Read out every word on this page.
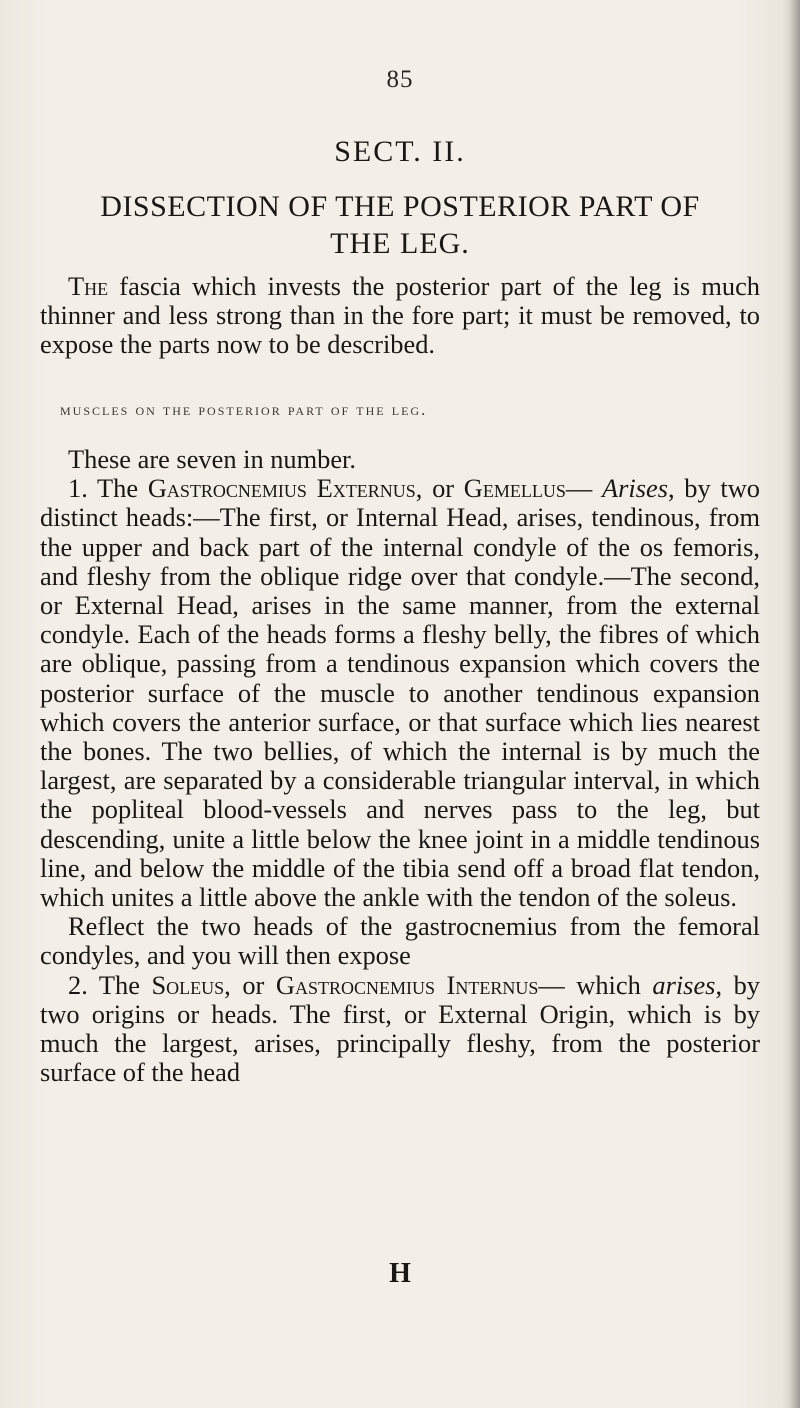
85
SECT. II.
DISSECTION OF THE POSTERIOR PART OF
THE LEG.

The fascia which invests the posterior part of the leg is much thinner and less strong than in the fore part; it must be removed, to expose the parts now to be described.

muscles on the posterior part of the leg.

These are seven in number.

1. The Gastrocnemius Externus, or Gemellus— Arises, by two distinct heads:—The first, or Internal Head, arises, tendinous, from the upper and back part of the internal condyle of the os femoris, and fleshy from the oblique ridge over that condyle.—The second, or External Head, arises in the same manner, from the external condyle. Each of the heads forms a fleshy belly, the fibres of which are oblique, passing from a tendinous expansion which covers the posterior surface of the muscle to another tendinous expansion which covers the anterior surface, or that surface which lies nearest the bones. The two bellies, of which the internal is by much the largest, are separated by a considerable triangular interval, in which the popliteal blood-vessels and nerves pass to the leg, but descending, unite a little below the knee joint in a middle tendinous line, and below the middle of the tibia send off a broad flat tendon, which unites a little above the ankle with the tendon of the soleus.

Reflect the two heads of the gastrocnemius from the femoral condyles, and you will then expose

2. The Soleus, or Gastrocnemius Internus— which arises, by two origins or heads. The first, or External Origin, which is by much the largest, arises, principally fleshy, from the posterior surface of the head

H
